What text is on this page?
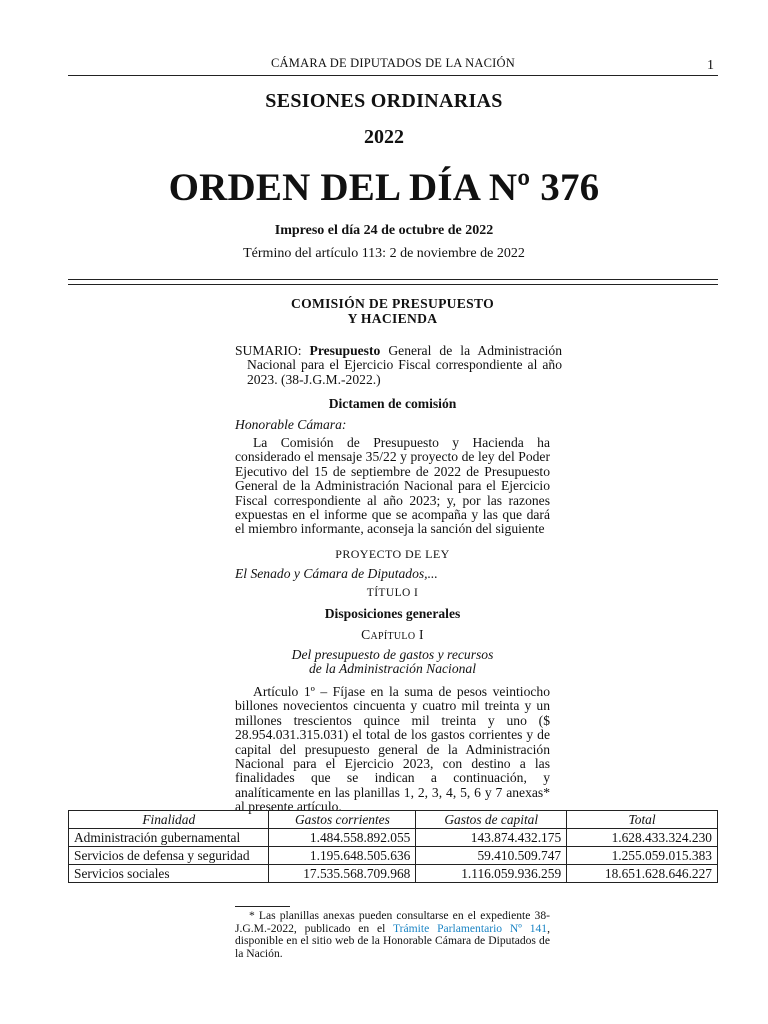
CÁMARA DE DIPUTADOS DE LA NACIÓN	1
SESIONES ORDINARIAS
2022
ORDEN DEL DÍA Nº 376
Impreso el día 24 de octubre de 2022
Término del artículo 113: 2 de noviembre de 2022
COMISIÓN DE PRESUPUESTO
Y HACIENDA
SUMARIO: Presupuesto General de la Administración Nacional para el Ejercicio Fiscal correspondiente al año 2023. (38-J.G.M.-2022.)
Dictamen de comisión
Honorable Cámara:
La Comisión de Presupuesto y Hacienda ha considerado el mensaje 35/22 y proyecto de ley del Poder Ejecutivo del 15 de septiembre de 2022 de Presupuesto General de la Administración Nacional para el Ejercicio Fiscal correspondiente al año 2023; y, por las razones expuestas en el informe que se acompaña y las que dará el miembro informante, aconseja la sanción del siguiente
PROYECTO DE LEY
El Senado y Cámara de Diputados,...
TÍTULO I
Disposiciones generales
Capítulo I
Del presupuesto de gastos y recursos
de la Administración Nacional
Artículo 1º – Fíjase en la suma de pesos veintiocho billones novecientos cincuenta y cuatro mil treinta y un millones trescientos quince mil treinta y uno ($ 28.954.031.315.031) el total de los gastos corrientes y de capital del presupuesto general de la Administración Nacional para el Ejercicio 2023, con destino a las finalidades que se indican a continuación, y analíticamente en las planillas 1, 2, 3, 4, 5, 6 y 7 anexas* al presente artículo.
Finalidad	Gastos corrientes	Gastos de capital	Total
Administración gubernamental	1.484.558.892.055	143.874.432.175	1.628.433.324.230
Servicios de defensa y seguridad	1.195.648.505.636	59.410.509.747	1.255.059.015.383
Servicios sociales	17.535.568.709.968	1.116.059.936.259	18.651.628.646.227
* Las planillas anexas pueden consultarse en el expediente 38-J.G.M.-2022, publicado en el Trámite Parlamentario Nº 141, disponible en el sitio web de la Honorable Cámara de Diputados de la Nación.
